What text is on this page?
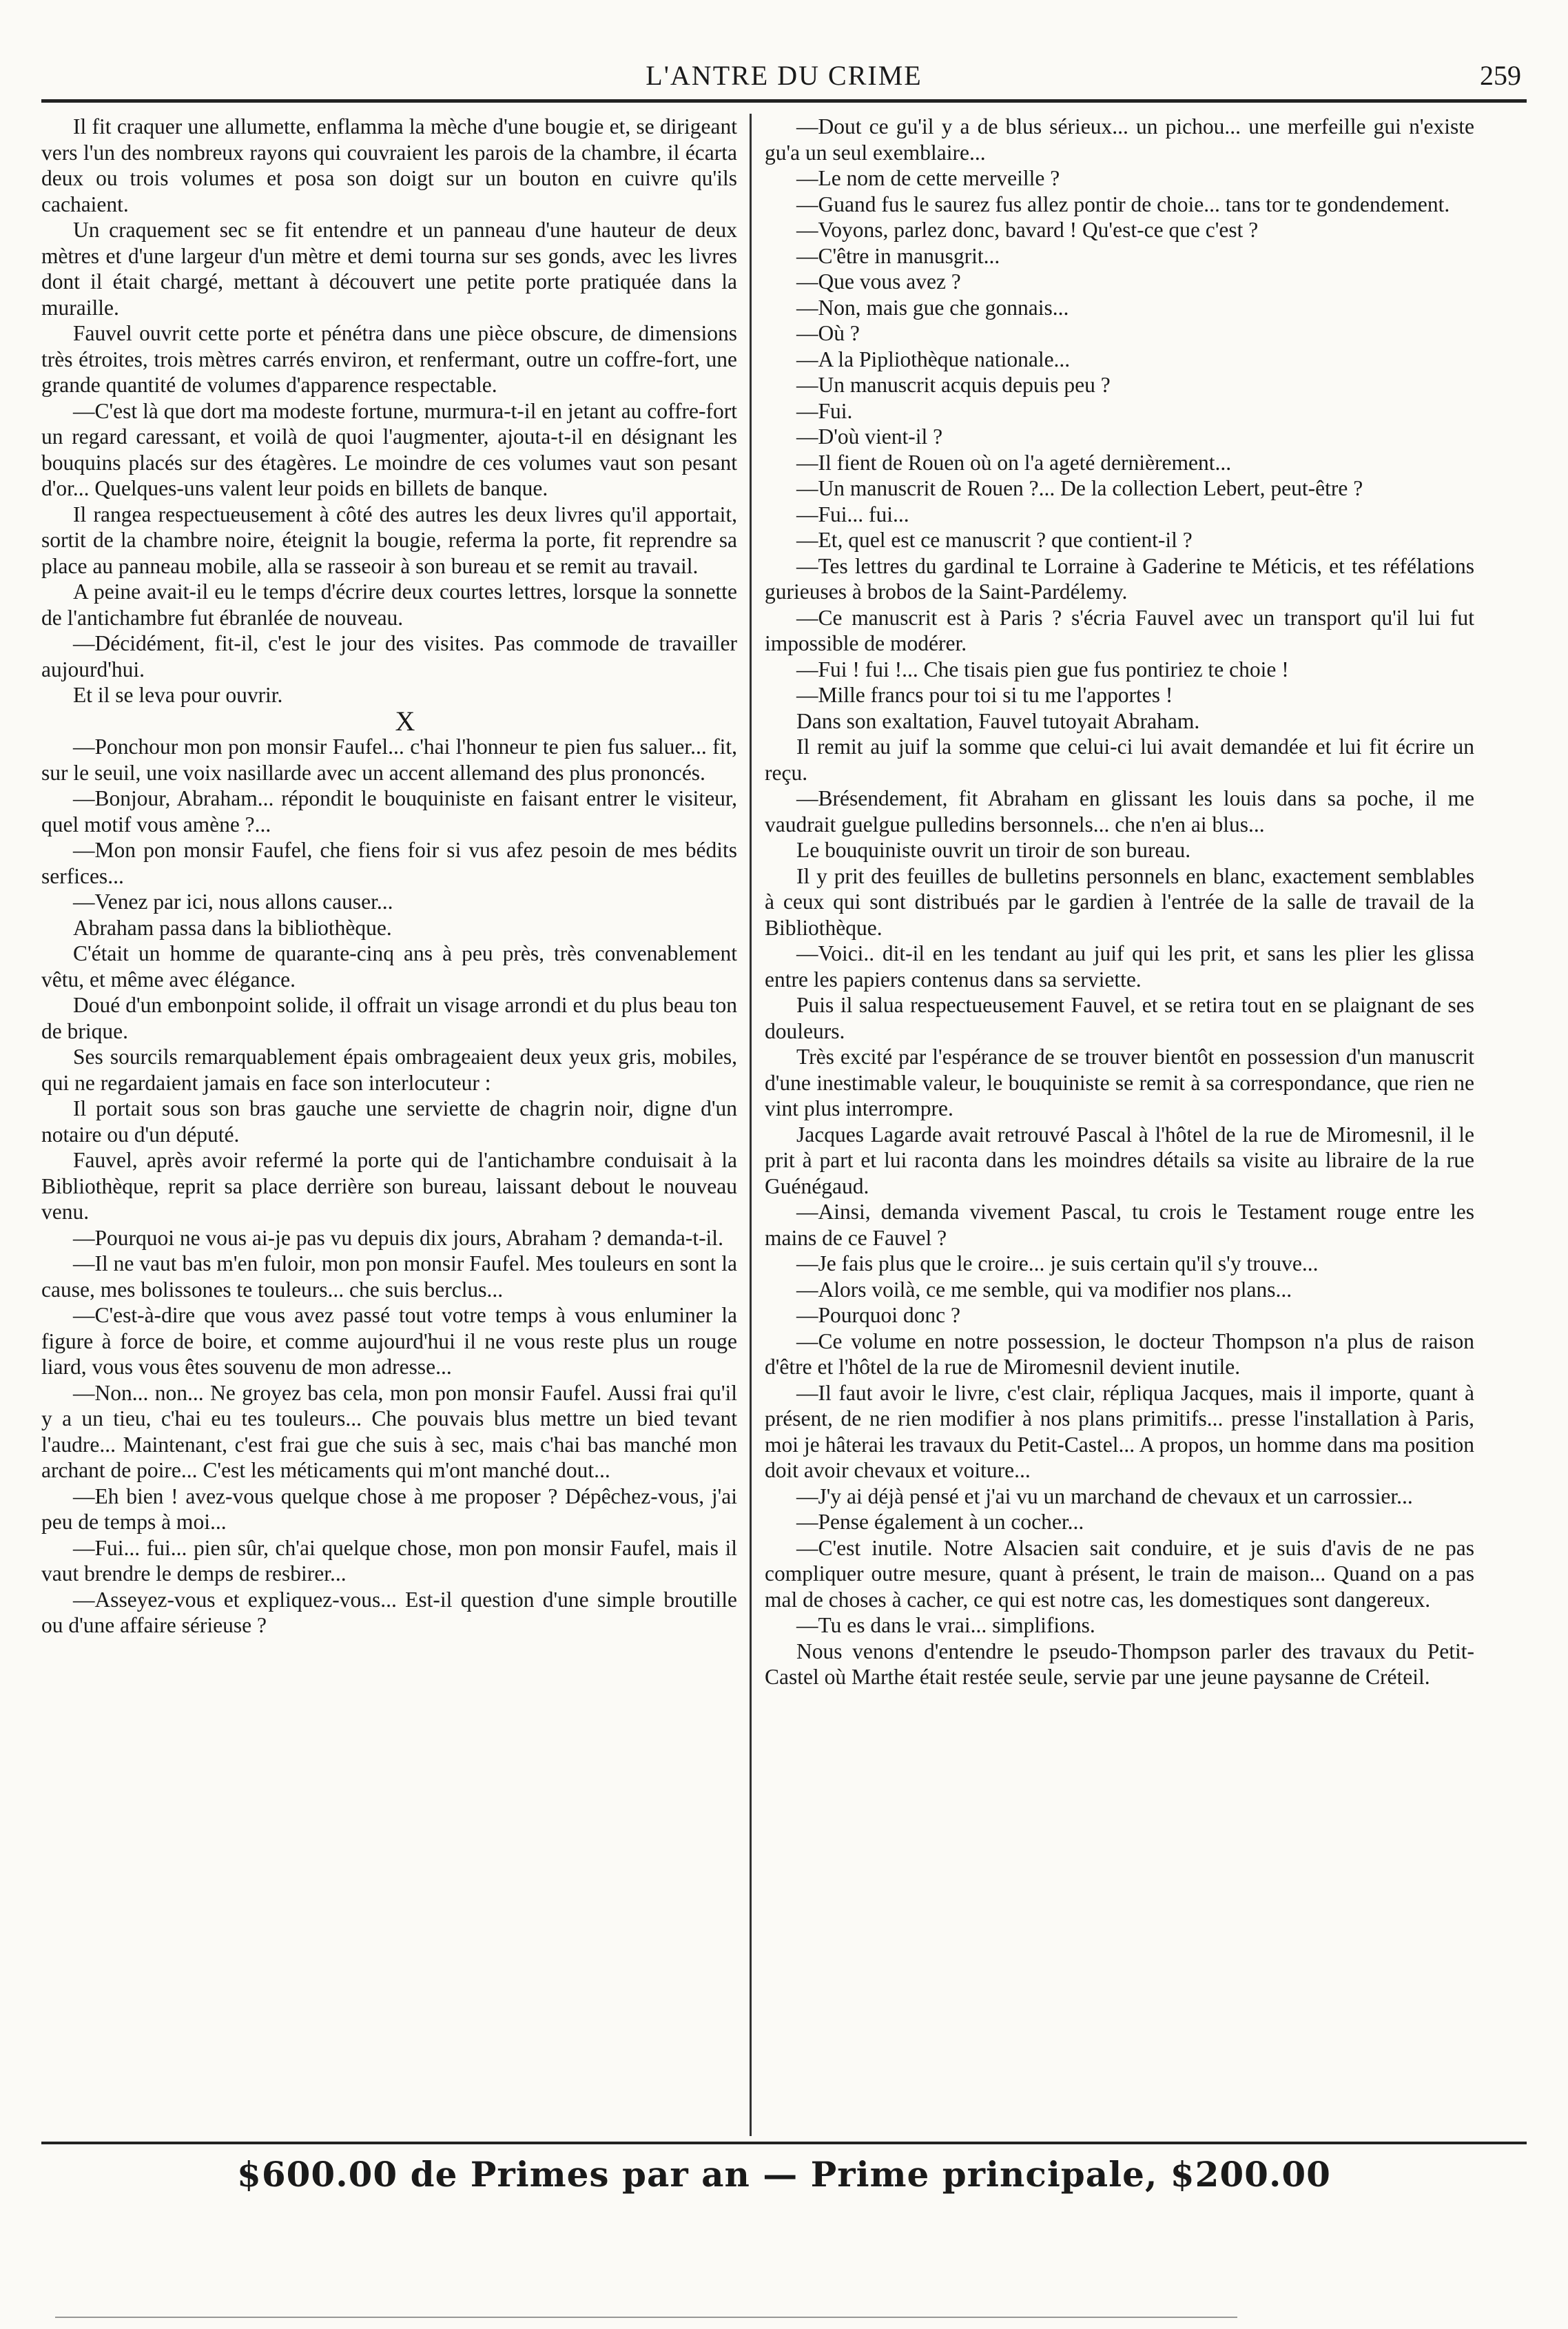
L'ANTRE DU CRIME	259

Il fit craquer une allumette, enflamma la mèche d'une bougie et, se dirigeant vers l'un des nombreux rayons qui couvraient les parois de la chambre, il écarta deux ou trois volumes et posa son doigt sur un bouton en cuivre qu'ils cachaient.

Un craquement sec se fit entendre et un panneau d'une hauteur de deux mètres et d'une largeur d'un mètre et demi tourna sur ses gonds, avec les livres dont il était chargé, mettant à découvert une petite porte pratiquée dans la muraille.

Fauvel ouvrit cette porte et pénétra dans une pièce obscure, de dimensions très étroites, trois mètres carrés environ, et renfermant, outre un coffre-fort, une grande quantité de volumes d'apparence respectable.

—C'est là que dort ma modeste fortune, murmura-t-il en jetant au coffre-fort un regard caressant, et voilà de quoi l'augmenter, ajouta-t-il en désignant les bouquins placés sur des étagères. Le moindre de ces volumes vaut son pesant d'or... Quelques-uns valent leur poids en billets de banque.

Il rangea respectueusement à côté des autres les deux livres qu'il apportait, sortit de la chambre noire, éteignit la bougie, referma la porte, fit reprendre sa place au panneau mobile, alla se rasseoir à son bureau et se remit au travail.

A peine avait-il eu le temps d'écrire deux courtes lettres, lorsque la sonnette de l'antichambre fut ébranlée de nouveau.

—Décidément, fit-il, c'est le jour des visites. Pas commode de travailler aujourd'hui.

Et il se leva pour ouvrir.

X

—Ponchour mon pon monsir Faufel... c'hai l'honneur te pien fus saluer... fit, sur le seuil, une voix nasillarde avec un accent allemand des plus prononcés.

—Bonjour, Abraham... répondit le bouquiniste en faisant entrer le visiteur, quel motif vous amène ?...

—Mon pon monsir Faufel, che fiens foir si vus afez pesoin de mes bédits serfices...

—Venez par ici, nous allons causer...

Abraham passa dans la bibliothèque.

C'était un homme de quarante-cinq ans à peu près, très convenablement vêtu, et même avec élégance.

Doué d'un embonpoint solide, il offrait un visage arrondi et du plus beau ton de brique.

Ses sourcils remarquablement épais ombrageaient deux yeux gris, mobiles, qui ne regardaient jamais en face son interlocuteur :

Il portait sous son bras gauche une serviette de chagrin noir, digne d'un notaire ou d'un député.

Fauvel, après avoir refermé la porte qui de l'antichambre conduisait à la Bibliothèque, reprit sa place derrière son bureau, laissant debout le nouveau venu.

—Pourquoi ne vous ai-je pas vu depuis dix jours, Abraham ? demanda-t-il.

—Il ne vaut bas m'en fuloir, mon pon monsir Faufel. Mes touleurs en sont la cause, mes bolissones te touleurs... che suis berclus...

—C'est-à-dire que vous avez passé tout votre temps à vous enluminer la figure à force de boire, et comme aujourd'hui il ne vous reste plus un rouge liard, vous vous êtes souvenu de mon adresse...

—Non... non... Ne groyez bas cela, mon pon monsir Faufel. Aussi frai qu'il y a un tieu, c'hai eu tes touleurs... Che pouvais blus mettre un bied tevant l'audre... Maintenant, c'est frai gue che suis à sec, mais c'hai bas manché mon archant de poire... C'est les méticaments qui m'ont manché dout...

—Eh bien ! avez-vous quelque chose à me proposer ? Dépêchez-vous, j'ai peu de temps à moi...

—Fui... fui... pien sûr, ch'ai quelque chose, mon pon monsir Faufel, mais il vaut brendre le demps de resbirer...

—Asseyez-vous et expliquez-vous... Est-il question d'une simple broutille ou d'une affaire sérieuse ?

—Dout ce gu'il y a de blus sérieux... un pichou... une merfeille gui n'existe gu'a un seul exemblaire...

—Le nom de cette merveille ?

—Guand fus le saurez fus allez pontir de choie... tans tor te gondendement.

—Voyons, parlez donc, bavard ! Qu'est-ce que c'est ?

—C'être in manusgrit...

—Que vous avez ?

—Non, mais gue che gonnais...

—Où ?

—A la Pipliothèque nationale...

—Un manuscrit acquis depuis peu ?

—Fui.

—D'où vient-il ?

—Il fient de Rouen où on l'a ageté dernièrement...

—Un manuscrit de Rouen ?... De la collection Lebert, peut-être ?

—Fui... fui...

—Et, quel est ce manuscrit ? que contient-il ?

—Tes lettres du gardinal te Lorraine à Gaderine te Méticis, et tes réfélations gurieuses à brobos de la Saint-Pardélemy.

—Ce manuscrit est à Paris ? s'écria Fauvel avec un transport qu'il lui fut impossible de modérer.

—Fui ! fui !... Che tisais pien gue fus pontiriez te choie !

—Mille francs pour toi si tu me l'apportes !

Dans son exaltation, Fauvel tutoyait Abraham.

Il remit au juif la somme que celui-ci lui avait demandée et lui fit écrire un reçu.

—Brésendement, fit Abraham en glissant les louis dans sa poche, il me vaudrait guelgue pulledins bersonnels... che n'en ai blus...

Le bouquiniste ouvrit un tiroir de son bureau.

Il y prit des feuilles de bulletins personnels en blanc, exactement semblables à ceux qui sont distribués par le gardien à l'entrée de la salle de travail de la Bibliothèque.

—Voici.. dit-il en les tendant au juif qui les prit, et sans les plier les glissa entre les papiers contenus dans sa serviette.

Puis il salua respectueusement Fauvel, et se retira tout en se plaignant de ses douleurs.

Très excité par l'espérance de se trouver bientôt en possession d'un manuscrit d'une inestimable valeur, le bouquiniste se remit à sa correspondance, que rien ne vint plus interrompre.

Jacques Lagarde avait retrouvé Pascal à l'hôtel de la rue de Miromesnil, il le prit à part et lui raconta dans les moindres détails sa visite au libraire de la rue Guénégaud.

—Ainsi, demanda vivement Pascal, tu crois le Testament rouge entre les mains de ce Fauvel ?

—Je fais plus que le croire... je suis certain qu'il s'y trouve...

—Alors voilà, ce me semble, qui va modifier nos plans...

—Pourquoi donc ?

—Ce volume en notre possession, le docteur Thompson n'a plus de raison d'être et l'hôtel de la rue de Miromesnil devient inutile.

—Il faut avoir le livre, c'est clair, répliqua Jacques, mais il importe, quant à présent, de ne rien modifier à nos plans primitifs... presse l'installation à Paris, moi je hâterai les travaux du Petit-Castel... A propos, un homme dans ma position doit avoir chevaux et voiture...

—J'y ai déjà pensé et j'ai vu un marchand de chevaux et un carrossier...

—Pense également à un cocher...

—C'est inutile. Notre Alsacien sait conduire, et je suis d'avis de ne pas compliquer outre mesure, quant à présent, le train de maison... Quand on a pas mal de choses à cacher, ce qui est notre cas, les domestiques sont dangereux.

—Tu es dans le vrai... simplifions.

Nous venons d'entendre le pseudo-Thompson parler des travaux du Petit-Castel où Marthe était restée seule, servie par une jeune paysanne de Créteil.

$600.00 de Primes par an — Prime principale, $200.00
